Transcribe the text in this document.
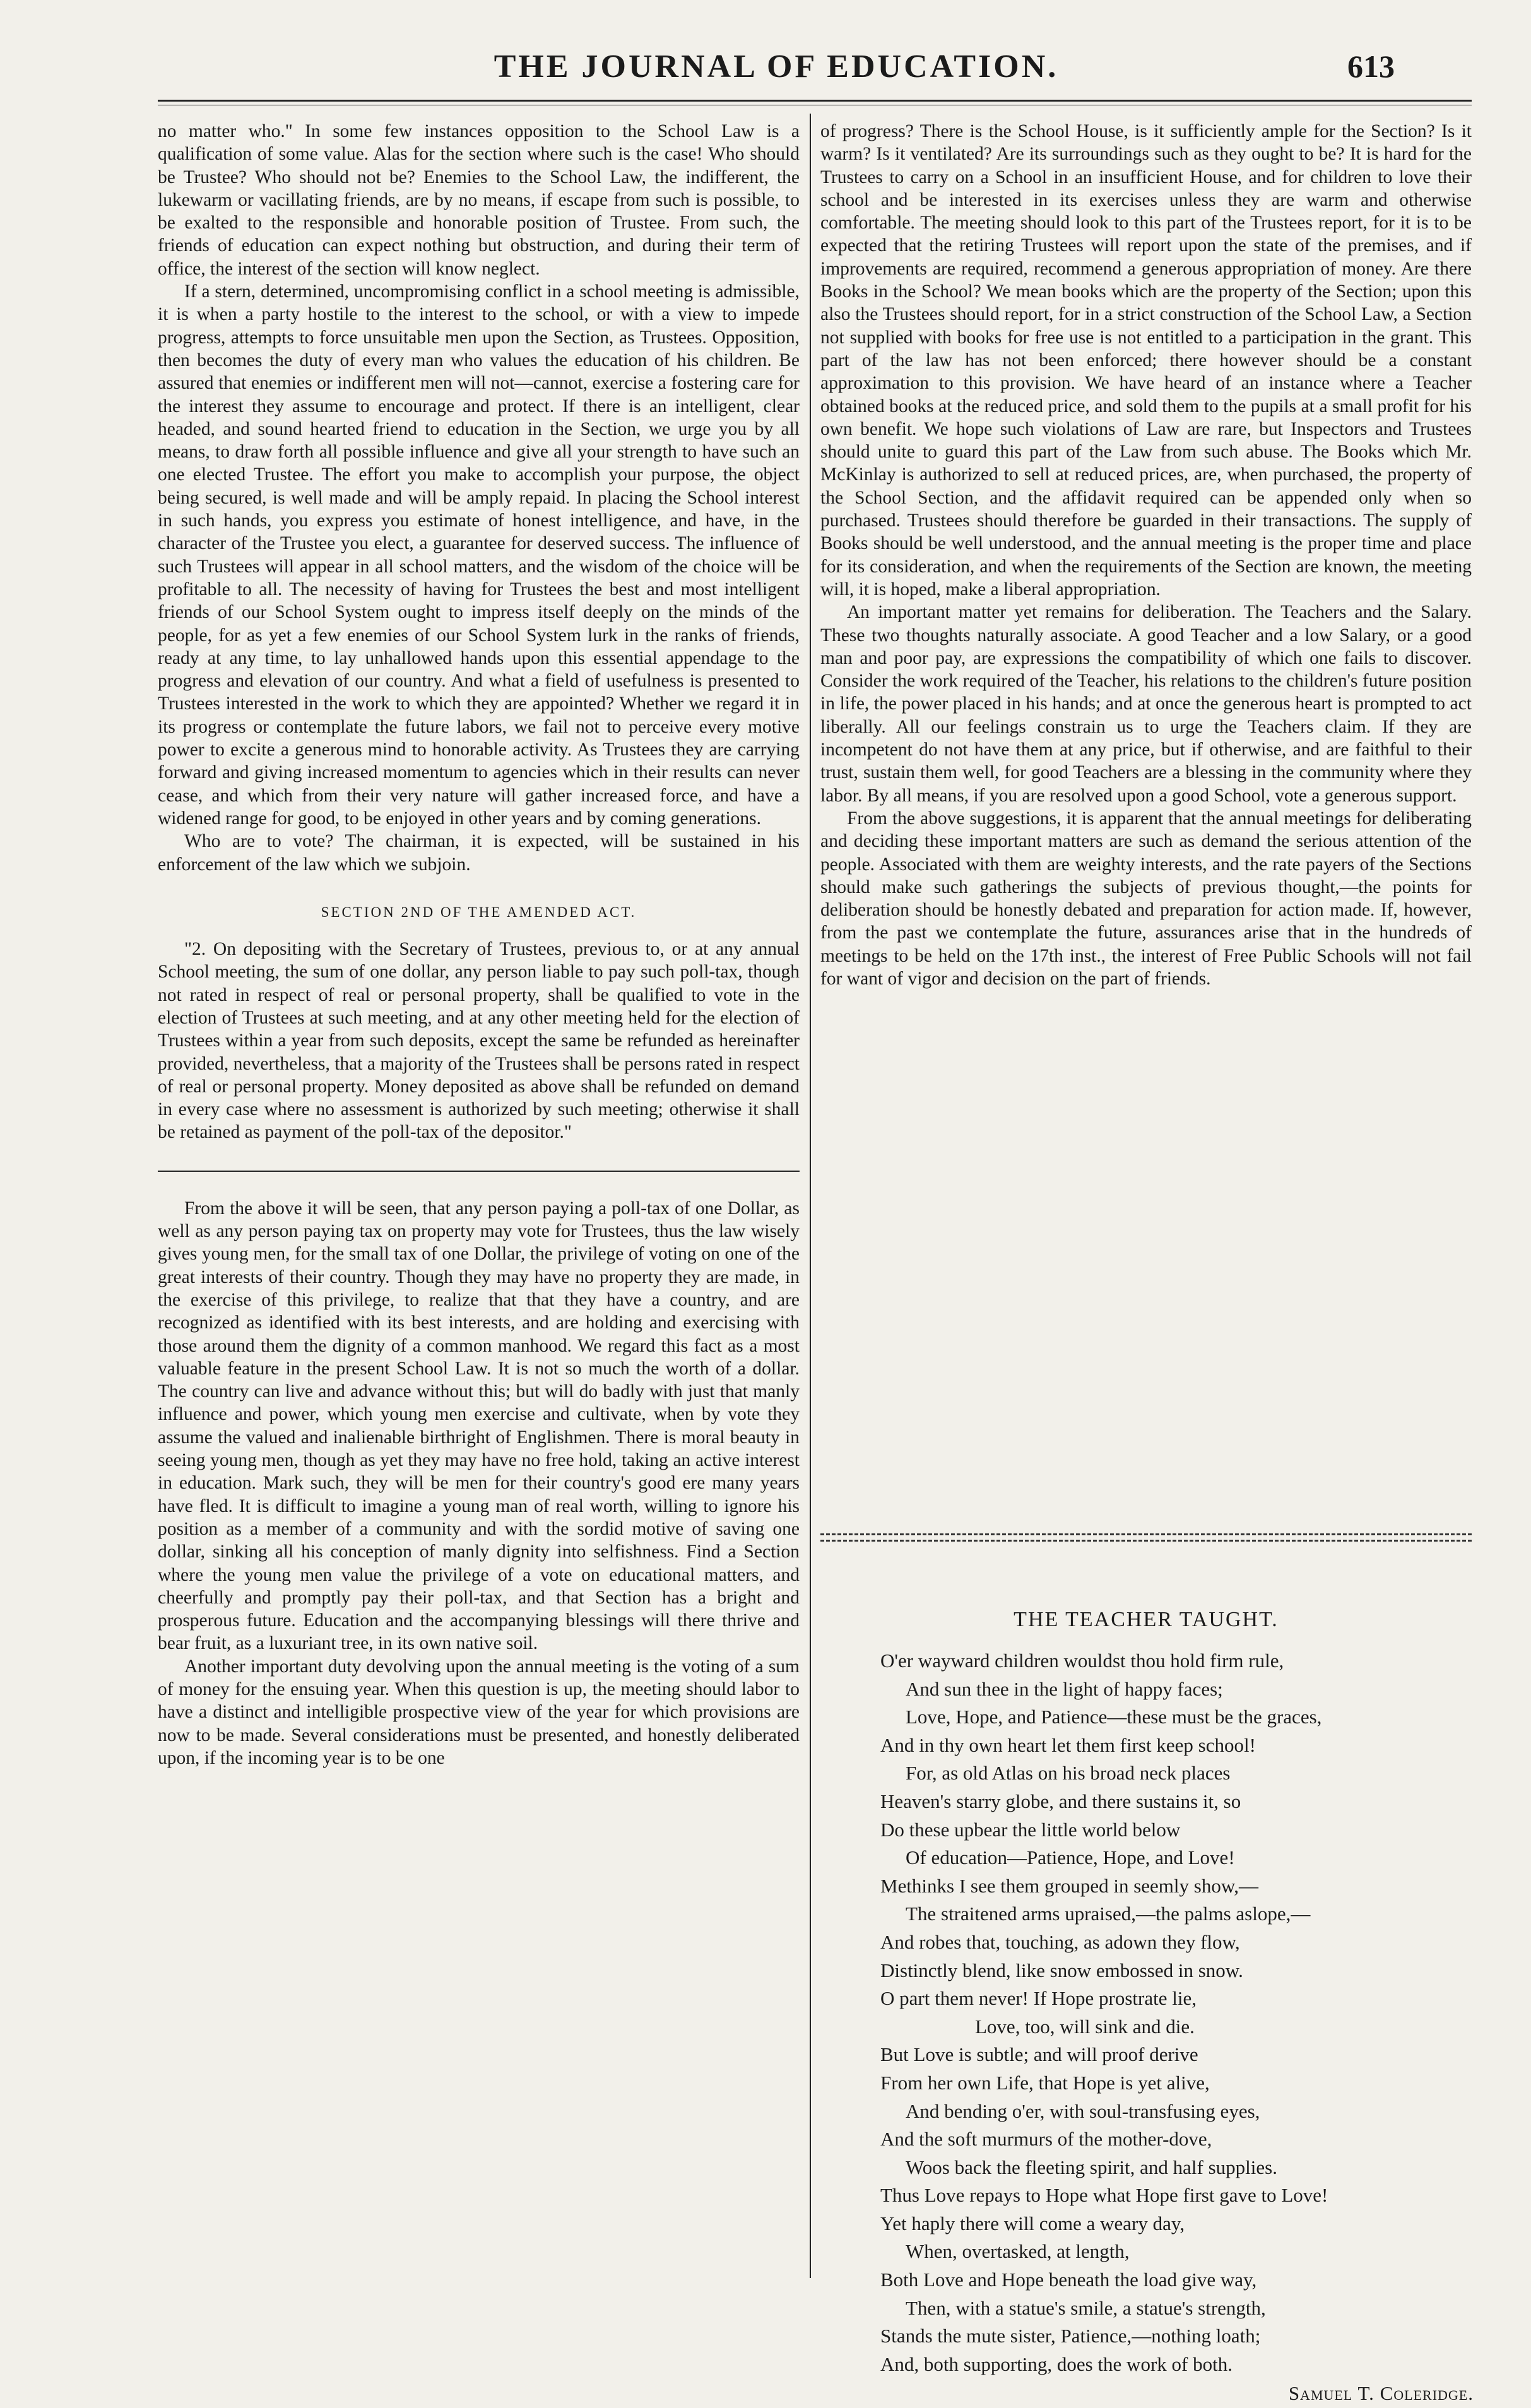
THE JOURNAL OF EDUCATION.	613

no matter who." In some few instances opposition to the School Law is a qualification of some value. Alas for the section where such is the case! Who should be Trustee? Who should not be? Enemies to the School Law, the indifferent, the lukewarm or vacillating friends, are by no means, if escape from such is possible, to be exalted to the responsible and honorable position of Trustee. From such, the friends of education can expect nothing but obstruction, and during their term of office, the interest of the section will know neglect.

If a stern, determined, uncompromising conflict in a school meeting is admissible, it is when a party hostile to the interest to the school, or with a view to impede progress, attempts to force unsuitable men upon the Section, as Trustees. Opposition, then becomes the duty of every man who values the education of his children. Be assured that enemies or indifferent men will not—cannot, exercise a fostering care for the interest they assume to encourage and protect. If there is an intelligent, clear headed, and sound hearted friend to education in the Section, we urge you by all means, to draw forth all possible influence and give all your strength to have such an one elected Trustee. The effort you make to accomplish your purpose, the object being secured, is well made and will be amply repaid. In placing the School interest in such hands, you express you estimate of honest intelligence, and have, in the character of the Trustee you elect, a guarantee for deserved success. The influence of such Trustees will appear in all school matters, and the wisdom of the choice will be profitable to all. The necessity of having for Trustees the best and most intelligent friends of our School System ought to impress itself deeply on the minds of the people, for as yet a few enemies of our School System lurk in the ranks of friends, ready at any time, to lay unhallowed hands upon this essential appendage to the progress and elevation of our country. And what a field of usefulness is presented to Trustees interested in the work to which they are appointed? Whether we regard it in its progress or contemplate the future labors, we fail not to perceive every motive power to excite a generous mind to honorable activity. As Trustees they are carrying forward and giving increased momentum to agencies which in their results can never cease, and which from their very nature will gather increased force, and have a widened range for good, to be enjoyed in other years and by coming generations.

Who are to vote? The chairman, it is expected, will be sustained in his enforcement of the law which we subjoin.

SECTION 2ND OF THE AMENDED ACT.

"2. On depositing with the Secretary of Trustees, previous to, or at any annual School meeting, the sum of one dollar, any person liable to pay such poll-tax, though not rated in respect of real or personal property, shall be qualified to vote in the election of Trustees at such meeting, and at any other meeting held for the election of Trustees within a year from such deposits, except the same be refunded as hereinafter provided, nevertheless, that a majority of the Trustees shall be persons rated in respect of real or personal property. Money deposited as above shall be refunded on demand in every case where no assessment is authorized by such meeting; otherwise it shall be retained as payment of the poll-tax of the depositor."

From the above it will be seen, that any person paying a poll-tax of one Dollar, as well as any person paying tax on property may vote for Trustees, thus the law wisely gives young men, for the small tax of one Dollar, the privilege of voting on one of the great interests of their country. Though they may have no property they are made, in the exercise of this privilege, to realize that that they have a country, and are recognized as identified with its best interests, and are holding and exercising with those around them the dignity of a common manhood. We regard this fact as a most valuable feature in the present School Law. It is not so much the worth of a dollar. The country can live and advance without this; but will do badly with just that manly influence and power, which young men exercise and cultivate, when by vote they assume the valued and inalienable birthright of Englishmen. There is moral beauty in seeing young men, though as yet they may have no free hold, taking an active interest in education. Mark such, they will be men for their country's good ere many years have fled. It is difficult to imagine a young man of real worth, willing to ignore his position as a member of a community and with the sordid motive of saving one dollar, sinking all his conception of manly dignity into selfishness. Find a Section where the young men value the privilege of a vote on educational matters, and cheerfully and promptly pay their poll-tax, and that Section has a bright and prosperous future. Education and the accompanying blessings will there thrive and bear fruit, as a luxuriant tree, in its own native soil.

Another important duty devolving upon the annual meeting is the voting of a sum of money for the ensuing year. When this question is up, the meeting should labor to have a distinct and intelligible prospective view of the year for which provisions are now to be made. Several considerations must be presented, and honestly deliberated upon, if the incoming year is to be one

of progress? There is the School House, is it sufficiently ample for the Section? Is it warm? Is it ventilated? Are its surroundings such as they ought to be? It is hard for the Trustees to carry on a School in an insufficient House, and for children to love their school and be interested in its exercises unless they are warm and otherwise comfortable. The meeting should look to this part of the Trustees report, for it is to be expected that the retiring Trustees will report upon the state of the premises, and if improvements are required, recommend a generous appropriation of money. Are there Books in the School? We mean books which are the property of the Section; upon this also the Trustees should report, for in a strict construction of the School Law, a Section not supplied with books for free use is not entitled to a participation in the grant. This part of the law has not been enforced; there however should be a constant approximation to this provision. We have heard of an instance where a Teacher obtained books at the reduced price, and sold them to the pupils at a small profit for his own benefit. We hope such violations of Law are rare, but Inspectors and Trustees should unite to guard this part of the Law from such abuse. The Books which Mr. McKinlay is authorized to sell at reduced prices, are, when purchased, the property of the School Section, and the affidavit required can be appended only when so purchased. Trustees should therefore be guarded in their transactions. The supply of Books should be well understood, and the annual meeting is the proper time and place for its consideration, and when the requirements of the Section are known, the meeting will, it is hoped, make a liberal appropriation.

An important matter yet remains for deliberation. The Teachers and the Salary. These two thoughts naturally associate. A good Teacher and a low Salary, or a good man and poor pay, are expressions the compatibility of which one fails to discover. Consider the work required of the Teacher, his relations to the children's future position in life, the power placed in his hands; and at once the generous heart is prompted to act liberally. All our feelings constrain us to urge the Teachers claim. If they are incompetent do not have them at any price, but if otherwise, and are faithful to their trust, sustain them well, for good Teachers are a blessing in the community where they labor. By all means, if you are resolved upon a good School, vote a generous support.

From the above suggestions, it is apparent that the annual meetings for deliberating and deciding these important matters are such as demand the serious attention of the people. Associated with them are weighty interests, and the rate payers of the Sections should make such gatherings the subjects of previous thought,—the points for deliberation should be honestly debated and preparation for action made. If, however, from the past we contemplate the future, assurances arise that in the hundreds of meetings to be held on the 17th inst., the interest of Free Public Schools will not fail for want of vigor and decision on the part of friends.

THE TEACHER TAUGHT.
O'er wayward children wouldst thou hold firm rule,
And sun thee in the light of happy faces;
Love, Hope, and Patience—these must be the graces,
And in thy own heart let them first keep school!
For, as old Atlas on his broad neck places
Heaven's starry globe, and there sustains it, so
Do these upbear the little world below
Of education—Patience, Hope, and Love!
Methinks I see them grouped in seemly show,—
The straitened arms upraised,—the palms aslope,—
And robes that, touching, as adown they flow,
Distinctly blend, like snow embossed in snow.
O part them never! If Hope prostrate lie,
Love, too, will sink and die.
But Love is subtle; and will proof derive
From her own Life, that Hope is yet alive,
And bending o'er, with soul-transfusing eyes,
And the soft murmurs of the mother-dove,
Woos back the fleeting spirit, and half supplies.
Thus Love repays to Hope what Hope first gave to Love!
Yet haply there will come a weary day,
When, overtasked, at length,
Both Love and Hope beneath the load give way,
Then, with a statue's smile, a statue's strength,
Stands the mute sister, Patience,—nothing loath;
And, both supporting, does the work of both.
Samuel T. Coleridge.
